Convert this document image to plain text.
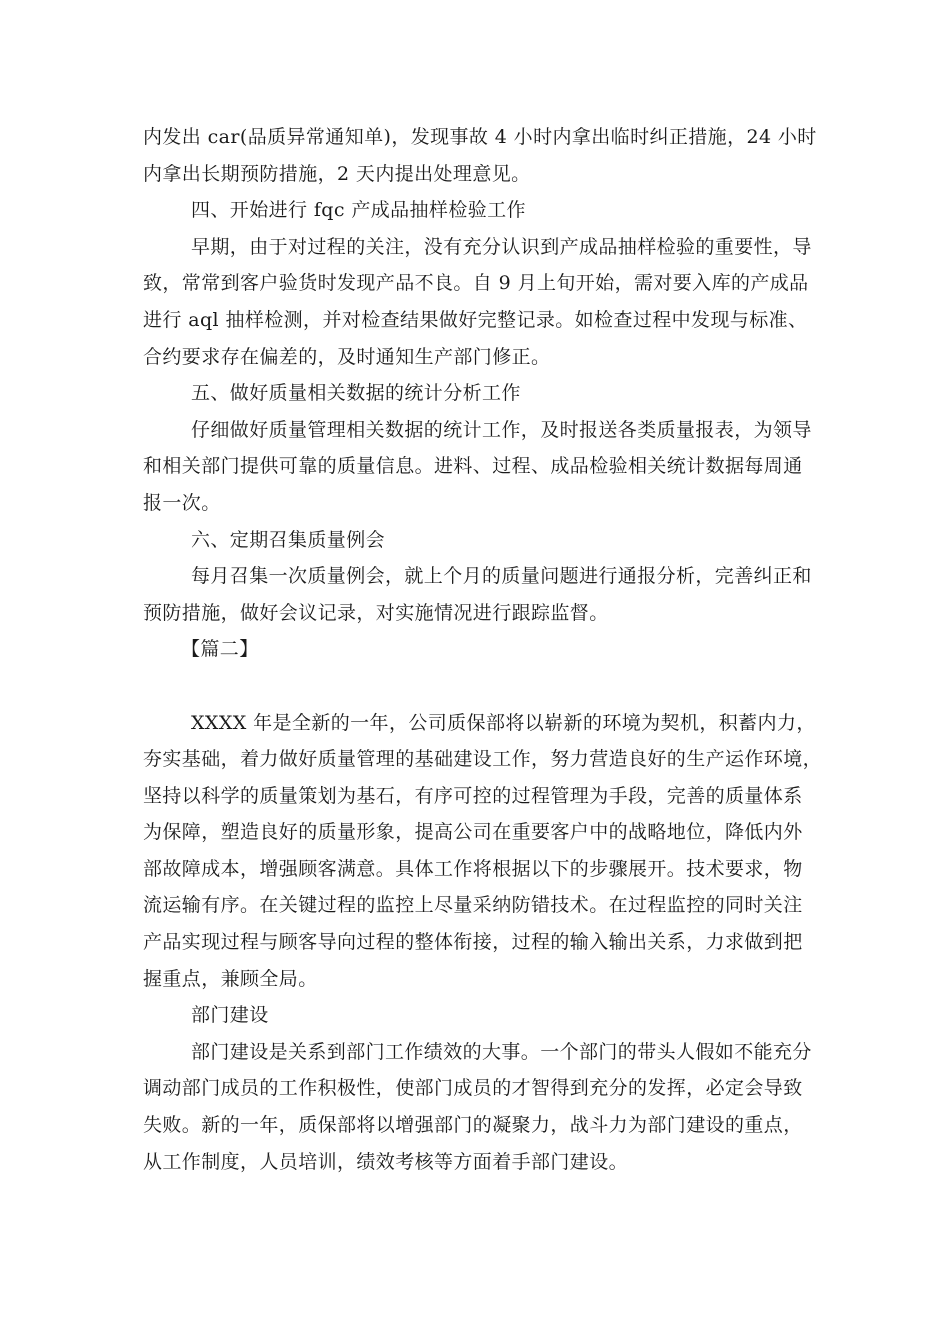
内发出 car(品质异常通知单)，发现事故 4 小时内拿出临时纠正措施，24 小时
内拿出长期预防措施，2 天内提出处理意见。
四、开始进行 fqc 产成品抽样检验工作
早期，由于对过程的关注，没有充分认识到产成品抽样检验的重要性，导
致，常常到客户验货时发现产品不良。自 9 月上旬开始，需对要入库的产成品
进行 aql 抽样检测，并对检查结果做好完整记录。如检查过程中发现与标准、
合约要求存在偏差的，及时通知生产部门修正。
五、做好质量相关数据的统计分析工作
仔细做好质量管理相关数据的统计工作，及时报送各类质量报表，为领导
和相关部门提供可靠的质量信息。进料、过程、成品检验相关统计数据每周通
报一次。
六、定期召集质量例会
每月召集一次质量例会，就上个月的质量问题进行通报分析，完善纠正和
预防措施，做好会议记录，对实施情况进行跟踪监督。
【篇二】
XXXX 年是全新的一年，公司质保部将以崭新的环境为契机，积蓄内力，
夯实基础，着力做好质量管理的基础建设工作，努力营造良好的生产运作环境，
坚持以科学的质量策划为基石，有序可控的过程管理为手段，完善的质量体系
为保障，塑造良好的质量形象，提高公司在重要客户中的战略地位，降低内外
部故障成本，增强顾客满意。具体工作将根据以下的步骤展开。技术要求，物
流运输有序。在关键过程的监控上尽量采纳防错技术。在过程监控的同时关注
产品实现过程与顾客导向过程的整体衔接，过程的输入输出关系，力求做到把
握重点，兼顾全局。
部门建设
部门建设是关系到部门工作绩效的大事。一个部门的带头人假如不能充分
调动部门成员的工作积极性，使部门成员的才智得到充分的发挥，必定会导致
失败。新的一年，质保部将以增强部门的凝聚力，战斗力为部门建设的重点，
从工作制度，人员培训，绩效考核等方面着手部门建设。
